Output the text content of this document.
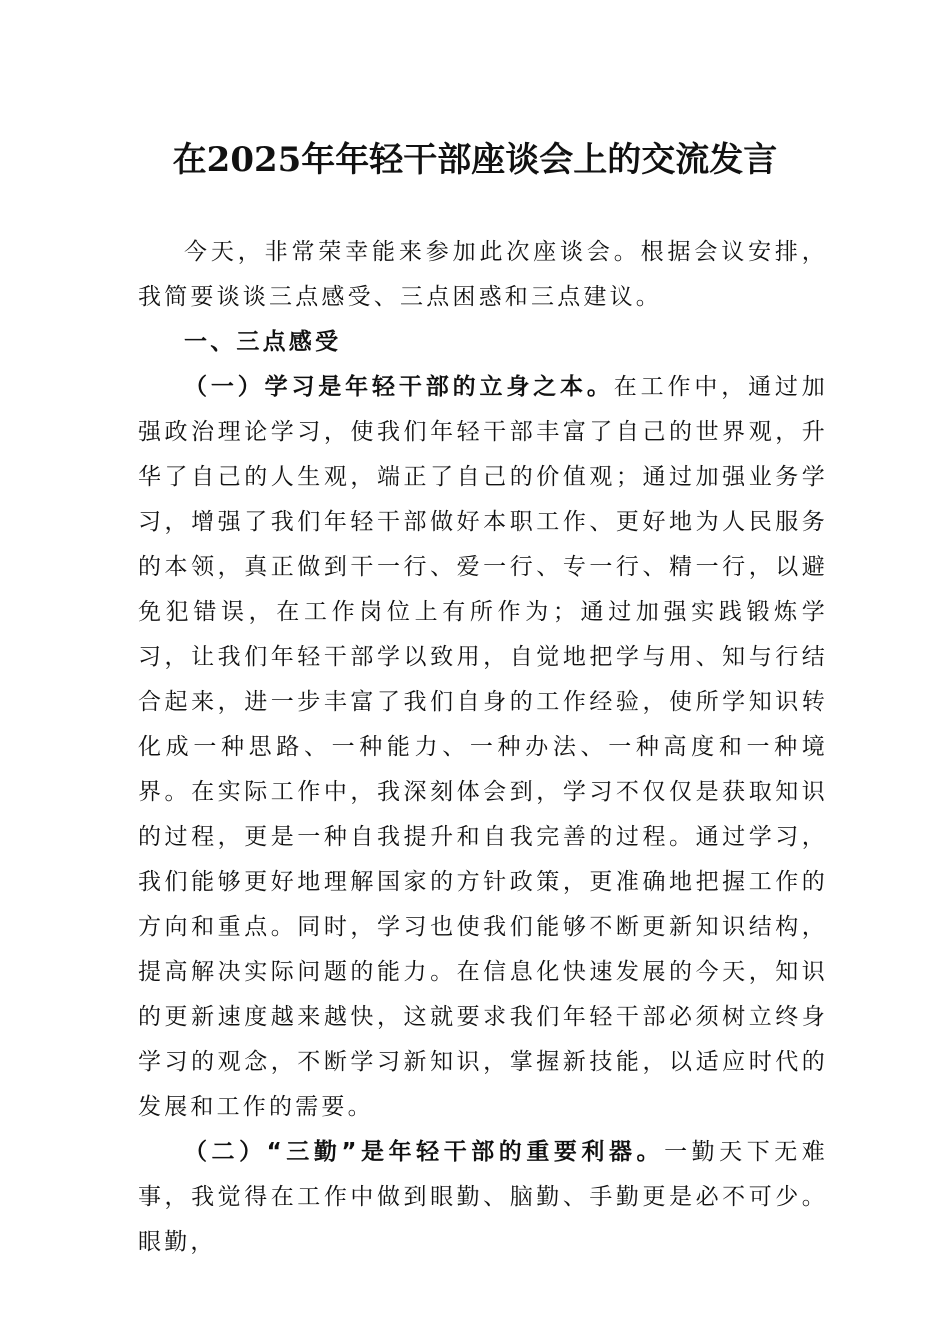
在2025年年轻干部座谈会上的交流发言

今天，非常荣幸能来参加此次座谈会。根据会议安排，我简要谈谈三点感受、三点困惑和三点建议。

一、三点感受

（一）学习是年轻干部的立身之本。在工作中，通过加强政治理论学习，使我们年轻干部丰富了自己的世界观，升华了自己的人生观，端正了自己的价值观；通过加强业务学习，增强了我们年轻干部做好本职工作、更好地为人民服务的本领，真正做到干一行、爱一行、专一行、精一行，以避免犯错误，在工作岗位上有所作为；通过加强实践锻炼学习，让我们年轻干部学以致用，自觉地把学与用、知与行结合起来，进一步丰富了我们自身的工作经验，使所学知识转化成一种思路、一种能力、一种办法、一种高度和一种境界。在实际工作中，我深刻体会到，学习不仅仅是获取知识的过程，更是一种自我提升和自我完善的过程。通过学习，我们能够更好地理解国家的方针政策，更准确地把握工作的方向和重点。同时，学习也使我们能够不断更新知识结构，提高解决实际问题的能力。在信息化快速发展的今天，知识的更新速度越来越快，这就要求我们年轻干部必须树立终身学习的观念，不断学习新知识，掌握新技能，以适应时代的发展和工作的需要。

（二）“三勤”是年轻干部的重要利器。一勤天下无难事，我觉得在工作中做到眼勤、脑勤、手勤更是必不可少。眼勤，
